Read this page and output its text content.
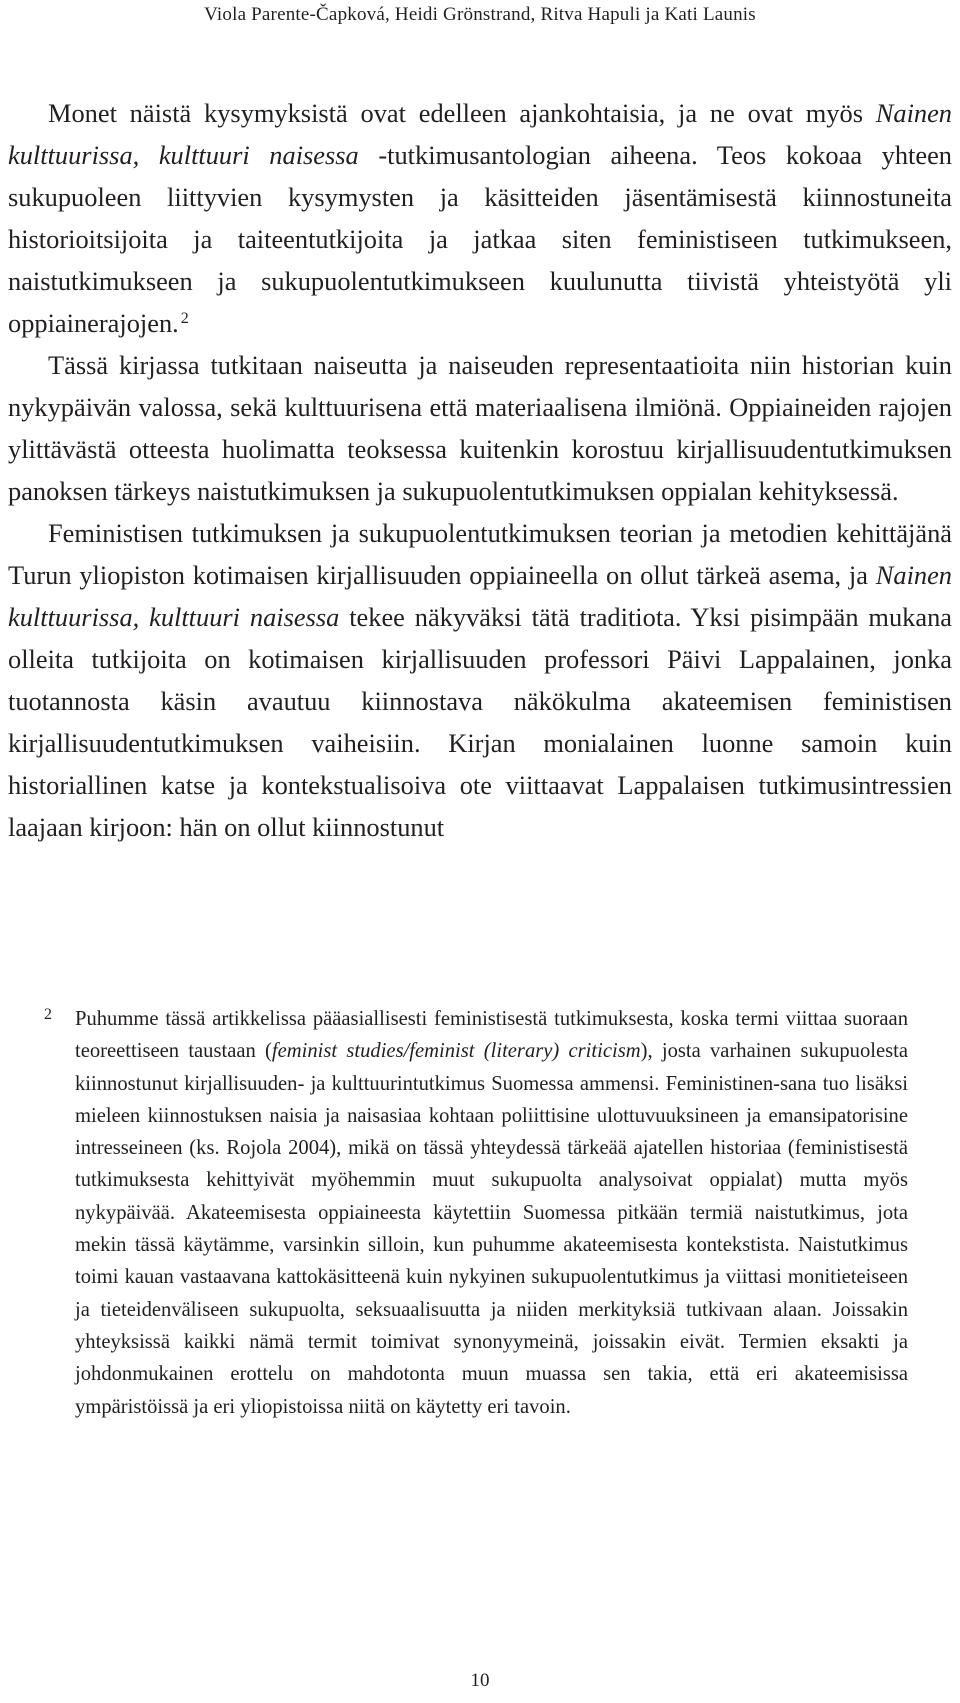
Viola Parente-Čapková, Heidi Grönstrand, Ritva Hapuli ja Kati Launis

Monet näistä kysymyksistä ovat edelleen ajankohtaisia, ja ne ovat myös Nainen kulttuurissa, kulttuuri naisessa -tutkimusantologian aiheena. Teos kokoaa yhteen sukupuoleen liittyvien kysymysten ja käsitteiden jäsentämisestä kiinnostuneita historioitsijoita ja taiteentutkijoita ja jatkaa siten feministiseen tutkimukseen, naistutkimukseen ja sukupuolentutkimukseen kuulunutta tiivistä yhteistyötä yli oppiainerajojen. $^2$

Tässä kirjassa tutkitaan naiseutta ja naiseuden representaatioita niin historian kuin nykypäivän valossa, sekä kulttuurisena että materiaalisena ilmiönä. Oppiaineiden rajojen ylittävästä otteesta huolimatta teoksessa kuitenkin korostuu kirjallisuudentutkimuksen panoksen tärkeys naistutkimuksen ja sukupuolentutkimuksen oppialan kehityksessä.

Feministisen tutkimuksen ja sukupuolentutkimuksen teorian ja metodien kehittäjänä Turun yliopiston kotimaisen kirjallisuuden oppiaineella on ollut tärkeä asema, ja Nainen kulttuurissa, kulttuuri naisessa tekee näkyväksi tätä traditiota. Yksi pisimpään mukana olleita tutkijoita on kotimaisen kirjallisuuden professori Päivi Lappalainen, jonka tuotannosta käsin avautuu kiinnostava näkökulma akateemisen feministisen kirjallisuudentutkimuksen vaiheisiin. Kirjan monialainen luonne samoin kuin historiallinen katse ja kontekstualisoiva ote viittaavat Lappalaisen tutkimusintressien laajaan kirjoon: hän on ollut kiinnostunut

2 Puhumme tässä artikkelissa pääasiallisesti feministisestä tutkimuksesta, koska termi viittaa suoraan teoreettiseen taustaan (feminist studies/feminist (literary) criticism), josta varhainen sukupuolesta kiinnostunut kirjallisuuden- ja kulttuurintutkimus Suomessa ammensi. Feministinen-sana tuo lisäksi mieleen kiinnostuksen naisia ja naisasiaa kohtaan poliittisine ulottuvuuksineen ja emansipatorisine intresseineen (ks. Rojola 2004), mikä on tässä yhteydessä tärkeää ajatellen historiaa (feministisestä tutkimuksesta kehittyivät myöhemmin muut sukupuolta analysoivat oppialat) mutta myös nykypäivää. Akateemisesta oppiaineesta käytettiin Suomessa pitkään termiä naistutkimus, jota mekin tässä käytämme, varsinkin silloin, kun puhumme akateemisesta kontekstista. Naistutkimus toimi kauan vastaavana kattokäsitteenä kuin nykyinen sukupuolentutkimus ja viittasi monitieteiseen ja tieteidenväliseen sukupuolta, seksuaalisuutta ja niiden merkityksiä tutkivaan alaan. Joissakin yhteyksissä kaikki nämä termit toimivat synonyymeinä, joissakin eivät. Termien eksakti ja johdonmukainen erottelu on mahdotonta muun muassa sen takia, että eri akateemisissa ympäristöissä ja eri yliopistoissa niitä on käytetty eri tavoin.
10
